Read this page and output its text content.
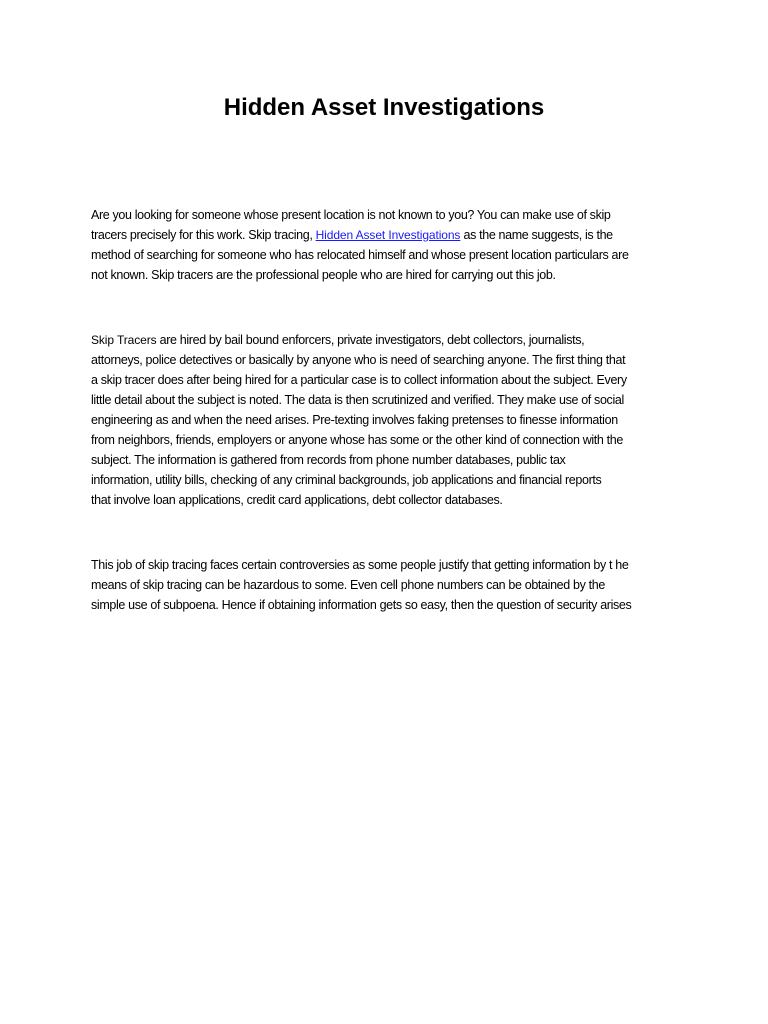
Hidden Asset Investigations
Are you looking for someone whose present location is not known to you? You can make use of skip
tracers precisely for this work. Skip tracing, Hidden Asset Investigations as the name suggests, is the
method of searching for someone who has relocated himself and whose present location particulars are
not known. Skip tracers are the professional people who are hired for carrying out this job.
Skip Tracers are hired by bail bound enforcers, private investigators, debt collectors, journalists,
attorneys, police detectives or basically by anyone who is need of searching anyone. The first thing that
a skip tracer does after being hired for a particular case is to collect information about the subject. Every
little detail about the subject is noted. The data is then scrutinized and verified. They make use of social
engineering as and when the need arises. Pre-texting involves faking pretenses to finesse information
from neighbors, friends, employers or anyone whose has some or the other kind of connection with the
subject. The information is gathered from records from phone number databases, public tax
information, utility bills, checking of any criminal backgrounds, job applications and financial reports
that involve loan applications, credit card applications, debt collector databases.
This job of skip tracing faces certain controversies as some people justify that getting information by t he
means of skip tracing can be hazardous to some. Even cell phone numbers can be obtained by the
simple use of subpoena. Hence if obtaining information gets so easy, then the question of security arises
